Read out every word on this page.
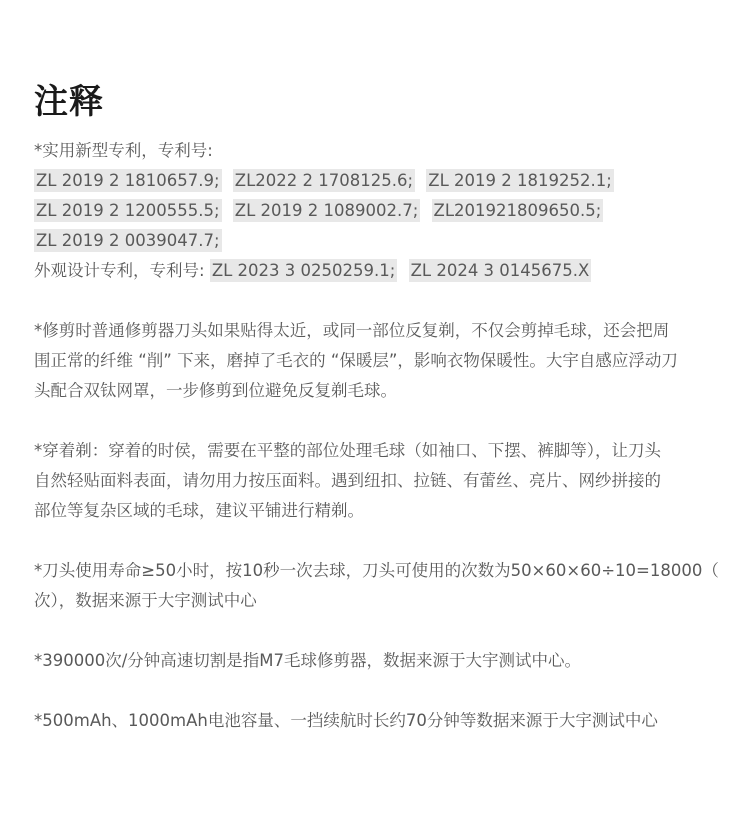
注释
*实用新型专利，专利号:
ZL 2019 2 1810657.9; ZL2022 2 1708125.6; ZL 2019 2 1819252.1;
ZL 2019 2 1200555.5; ZL 2019 2 1089002.7; ZL201921809650.5;
ZL 2019 2 0039047.7;
外观设计专利，专利号: ZL 2023 3 0250259.1; ZL 2024 3 0145675.X
*修剪时普通修剪器刀头如果贴得太近，或同一部位反复剃，不仅会剪掉毛球，还会把周
围正常的纤维 “削” 下来，磨掉了毛衣的 “保暖层”，影响衣物保暖性。大宇自感应浮动刀
头配合双钛网罩，一步修剪到位避免反复剃毛球。
*穿着剃：穿着的时侯，需要在平整的部位处理毛球（如袖口、下摆、裤脚等），让刀头
自然轻贴面料表面，请勿用力按压面料。遇到纽扣、拉链、有蕾丝、亮片、网纱拼接的
部位等复杂区域的毛球，建议平铺进行精剃。
*刀头使用寿命≥50小时，按10秒一次去球，刀头可使用的次数为50×60×60÷10=18000（
次），数据来源于大宇测试中心
*390000次/分钟高速切割是指M7毛球修剪器，数据来源于大宇测试中心。
*500mAh、1000mAh电池容量、一挡续航时长约70分钟等数据来源于大宇测试中心
